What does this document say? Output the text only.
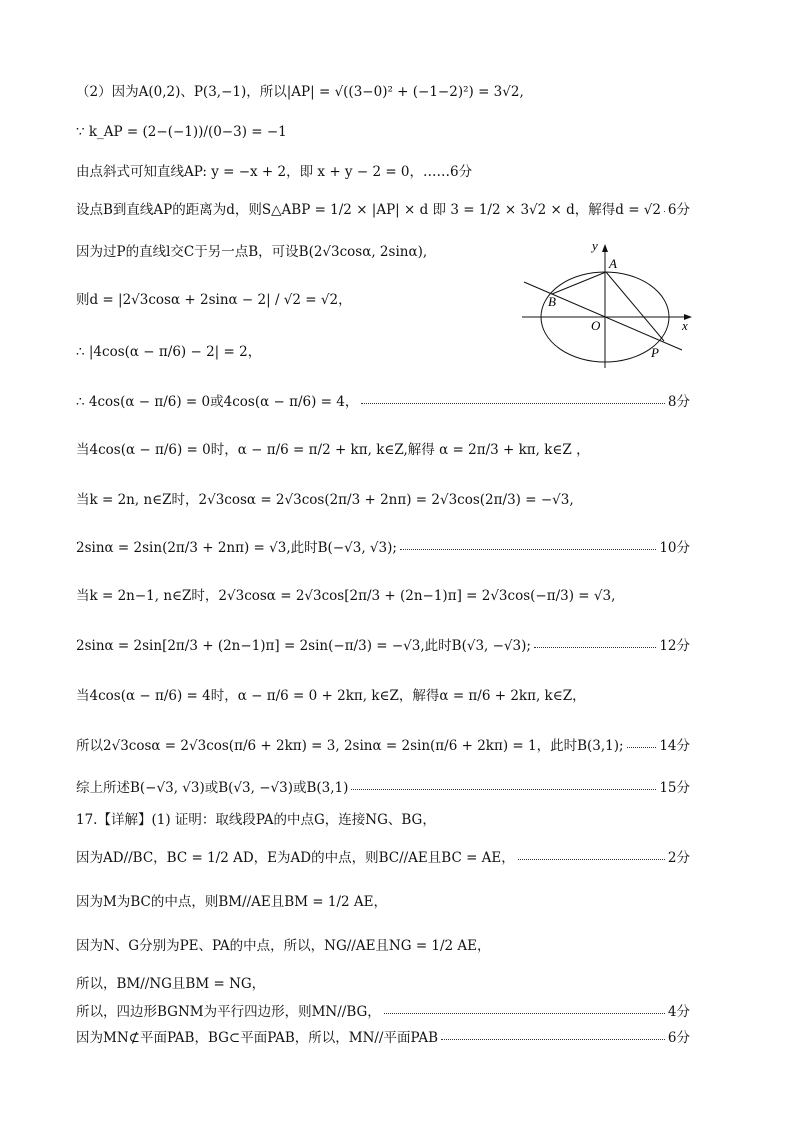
（2）因为A(0,2)、P(3,−1)，所以|AP| = √((3−0)² + (−1−2)²) = 3√2,
∵ k_AP = (2−(−1))/(0−3) = −1
由点斜式可知直线AP: y = −x + 2，即 x + y − 2 = 0，……6分
设点B到直线AP的距离为d，则S△ABP = 1/2 × |AP| × d 即 3 = 1/2 × 3√2 × d，解得d = √2 6分
因为过P的直线l交C于另一点B，可设B(2√3cosα, 2sinα),
则d = |2√3cosα + 2sinα − 2| / √2 = √2，
∴ |4cos(α − π/6) − 2| = 2，
∴ 4cos(α − π/6) = 0或4cos(α − π/6) = 4，	8分
当4cos(α − π/6) = 0时，α − π/6 = π/2 + kπ, k∈Z,解得 α = 2π/3 + kπ, k∈Z ，
当k = 2n, n∈Z时，2√3cosα = 2√3cos(2π/3 + 2nπ) = 2√3cos(2π/3) = −√3,
2sinα = 2sin(2π/3 + 2nπ) = √3,此时B(−√3, √3);	10分
当k = 2n−1, n∈Z时，2√3cosα = 2√3cos[2π/3 + (2n−1)π] = 2√3cos(−π/3) = √3,
2sinα = 2sin[2π/3 + (2n−1)π] = 2sin(−π/3) = −√3,此时B(√3, −√3);	12分
当4cos(α − π/6) = 4时，α − π/6 = 0 + 2kπ, k∈Z，解得α = π/6 + 2kπ, k∈Z，
所以2√3cosα = 2√3cos(π/6 + 2kπ) = 3, 2sinα = 2sin(π/6 + 2kπ) = 1，此时B(3,1);	14分
综上所述B(−√3, √3)或B(√3, −√3)或B(3,1)	15分
17.【详解】(1) 证明：取线段PA的中点G，连接NG、BG，
因为AD//BC，BC = 1/2 AD，E为AD的中点，则BC//AE且BC = AE，	2分
因为M为BC的中点，则BM//AE且BM = 1/2 AE，
因为N、G分别为PE、PA的中点，所以，NG//AE且NG = 1/2 AE，
所以，BM//NG且BM = NG，
所以，四边形BGNM为平行四边形，则MN//BG，	4分
因为MN⊄平面PAB，BG⊂平面PAB，所以，MN//平面PAB	6分
y
x
O
A
B
P
